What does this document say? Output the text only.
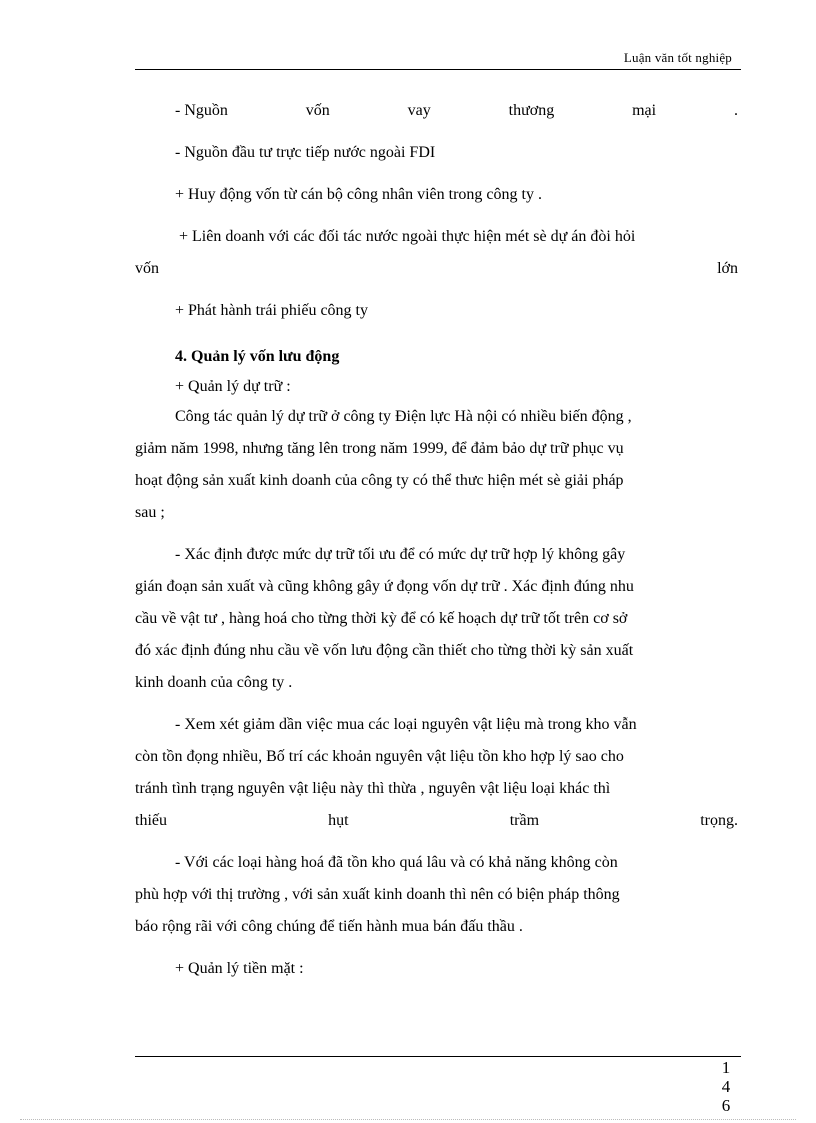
Luận văn tốt nghiệp
- Nguồn	vốn	vay	thương	mại	.
- Nguồn đầu tư trực tiếp nước ngoài FDI
+ Huy động vốn từ cán bộ công nhân viên trong công ty .
+ Liên doanh với các đối tác nước ngoài thực hiện mét sè dự án đòi hỏi
vốn	lớn
+ Phát hành trái phiếu công ty
4. Quản lý vốn lưu động
+ Quản lý dự trữ :
Công tác quản lý dự trữ ở công ty Điện lực Hà nội có nhiều biến động ,
giảm năm 1998, nhưng tăng lên trong năm 1999, để đảm bảo dự trữ phục vụ
hoạt động sản xuất kinh doanh của công ty có thể thưc hiện mét sè giải pháp
sau ;
- Xác định được mức dự trữ tối ưu để có mức dự trữ hợp lý không gây
gián đoạn sản xuất và cũng không gây ứ đọng vốn dự trữ . Xác định đúng nhu
cầu về vật tư , hàng hoá cho từng thời kỳ để có kế hoạch dự trữ tốt trên cơ sở
đó xác định đúng nhu cầu về vốn lưu động cần thiết cho từng thời kỳ sản xuất
kinh doanh của công ty .
- Xem xét giảm dần việc mua các loại nguyên vật liệu mà trong kho vẫn
còn tồn đọng nhiều, Bố trí các khoản nguyên vật liệu tồn kho hợp lý sao cho
tránh tình trạng nguyên vật liệu này thì thừa , nguyên vật liệu loại khác thì
thiếu	hụt	trầm	trọng.
- Với các loại hàng hoá đã tồn kho quá lâu và có khả năng không còn
phù hợp với thị trường , với sản xuất kinh doanh thì nên có biện pháp thông
báo rộng rãi với công chúng để tiến hành mua bán đấu thầu .
+ Quản lý tiền mặt :
1
4
6
